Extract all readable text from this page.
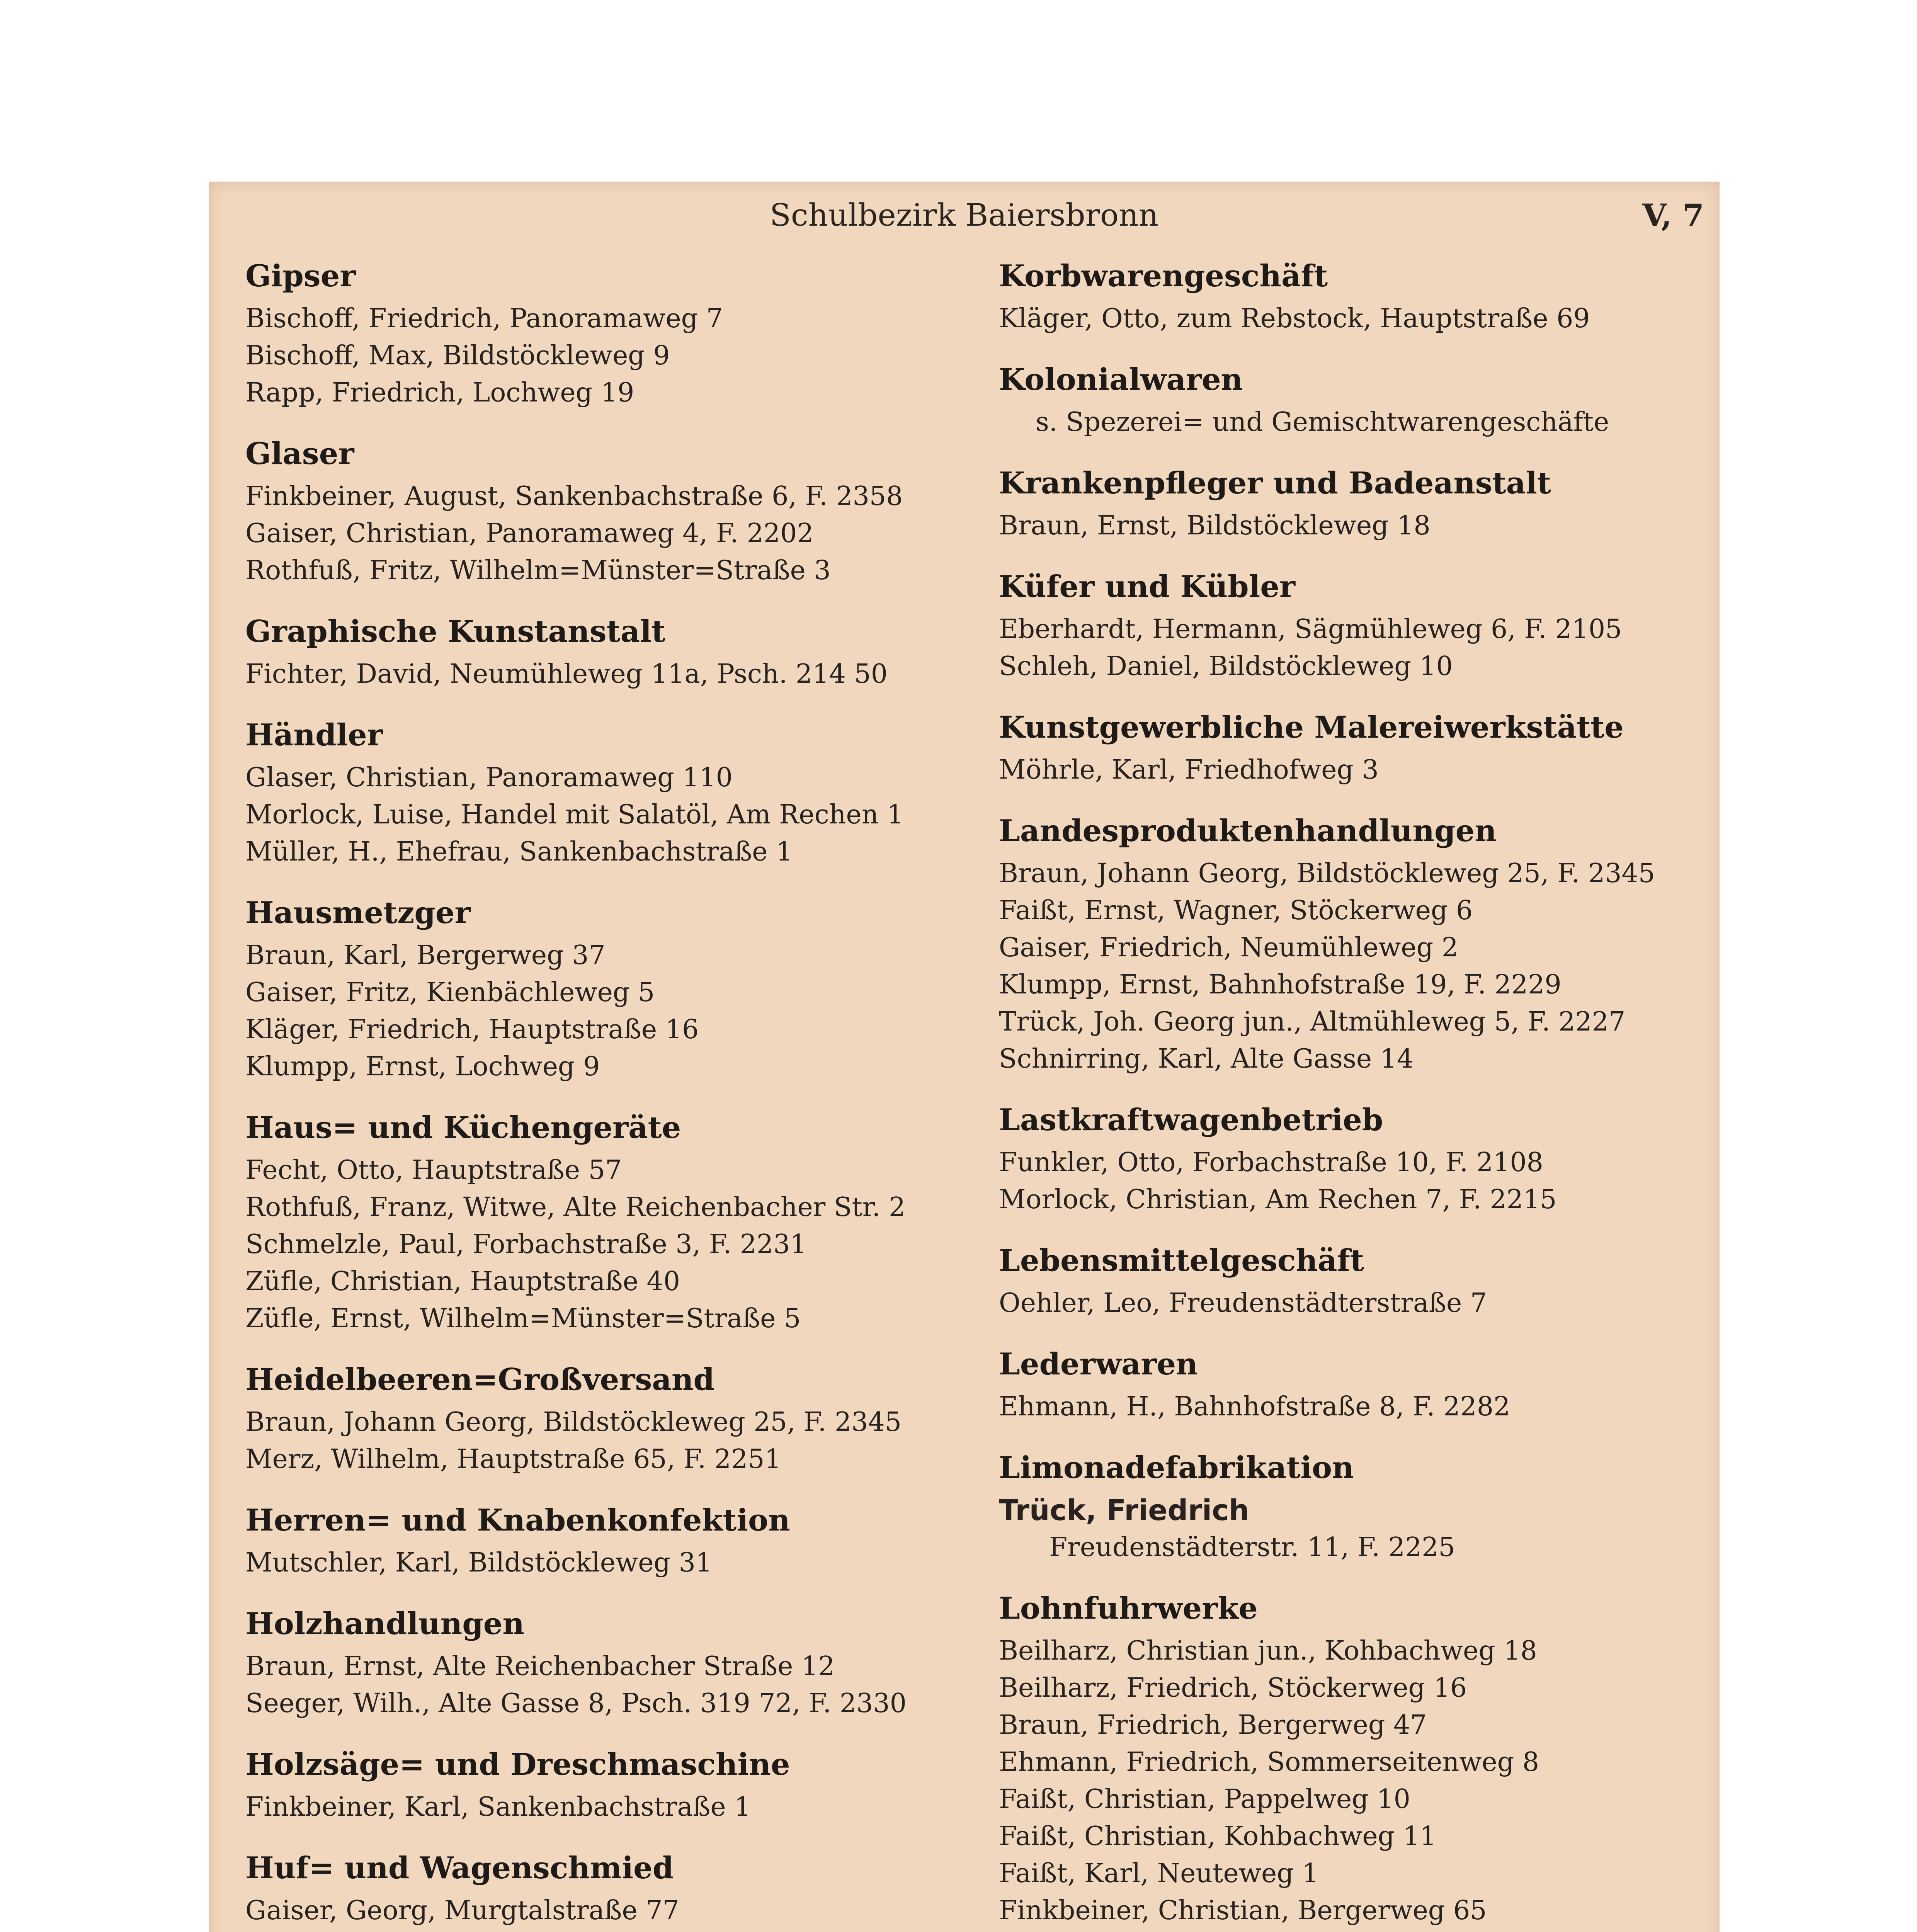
Schulbezirk Baiersbronn	V, 7
Gipser
Bischoff, Friedrich, Panoramaweg 7
Bischoff, Max, Bildstöckleweg 9
Rapp, Friedrich, Lochweg 19
Glaser
Finkbeiner, August, Sankenbachstraße 6, F. 2358
Gaiser, Christian, Panoramaweg 4, F. 2202
Rothfuß, Fritz, Wilhelm=Münster=Straße 3
Graphische Kunstanstalt
Fichter, David, Neumühleweg 11a, Psch. 214 50
Händler
Glaser, Christian, Panoramaweg 110
Morlock, Luise, Handel mit Salatöl, Am Rechen 1
Müller, H., Ehefrau, Sankenbachstraße 1
Hausmetzger
Braun, Karl, Bergerweg 37
Gaiser, Fritz, Kienbächleweg 5
Kläger, Friedrich, Hauptstraße 16
Klumpp, Ernst, Lochweg 9
Haus= und Küchengeräte
Fecht, Otto, Hauptstraße 57
Rothfuß, Franz, Witwe, Alte Reichenbacher Str. 2
Schmelzle, Paul, Forbachstraße 3, F. 2231
Züfle, Christian, Hauptstraße 40
Züfle, Ernst, Wilhelm=Münster=Straße 5
Heidelbeeren=Großversand
Braun, Johann Georg, Bildstöckleweg 25, F. 2345
Merz, Wilhelm, Hauptstraße 65, F. 2251
Herren= und Knabenkonfektion
Mutschler, Karl, Bildstöckleweg 31
Holzhandlungen
Braun, Ernst, Alte Reichenbacher Straße 12
Seeger, Wilh., Alte Gasse 8, Psch. 319 72, F. 2330
Holzsäge= und Dreschmaschine
Finkbeiner, Karl, Sankenbachstraße 1
Huf= und Wagenschmied
Gaiser, Georg, Murgtalstraße 77
Korbwarengeschäft
Kläger, Otto, zum Rebstock, Hauptstraße 69
Kolonialwaren
s. Spezerei= und Gemischtwarengeschäfte
Krankenpfleger und Badeanstalt
Braun, Ernst, Bildstöckleweg 18
Küfer und Kübler
Eberhardt, Hermann, Sägmühleweg 6, F. 2105
Schleh, Daniel, Bildstöckleweg 10
Kunstgewerbliche Malereiwerkstätte
Möhrle, Karl, Friedhofweg 3
Landesproduktenhandlungen
Braun, Johann Georg, Bildstöckleweg 25, F. 2345
Faißt, Ernst, Wagner, Stöckerweg 6
Gaiser, Friedrich, Neumühleweg 2
Klumpp, Ernst, Bahnhofstraße 19, F. 2229
Trück, Joh. Georg jun., Altmühleweg 5, F. 2227
Schnirring, Karl, Alte Gasse 14
Lastkraftwagenbetrieb
Funkler, Otto, Forbachstraße 10, F. 2108
Morlock, Christian, Am Rechen 7, F. 2215
Lebensmittelgeschäft
Oehler, Leo, Freudenstädterstraße 7
Lederwaren
Ehmann, H., Bahnhofstraße 8, F. 2282
Limonadefabrikation
Trück, Friedrich
Freudenstädterstr. 11, F. 2225
Lohnfuhrwerke
Beilharz, Christian jun., Kohbachweg 18
Beilharz, Friedrich, Stöckerweg 16
Braun, Friedrich, Bergerweg 47
Ehmann, Friedrich, Sommerseitenweg 8
Faißt, Christian, Pappelweg 10
Faißt, Christian, Kohbachweg 11
Faißt, Karl, Neuteweg 1
Finkbeiner, Christian, Bergerweg 65
